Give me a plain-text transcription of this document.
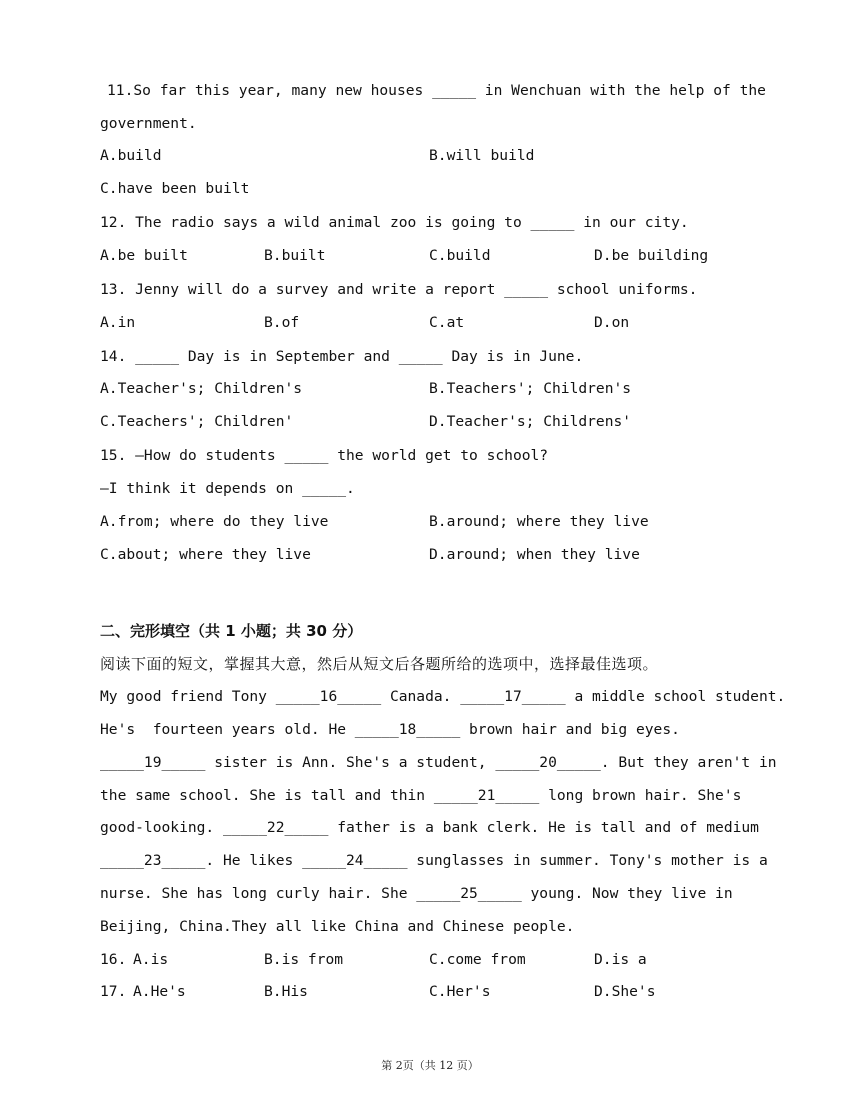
11.So far this year, many new houses _____ in Wenchuan with the help of the
government.
A.build	B.will build
C.have been built
12. The radio says a wild animal zoo is going to _____ in our city.
A.be built	B.built	C.build	D.be building
13. Jenny will do a survey and write a report _____ school uniforms.
A.in	B.of	C.at	D.on
14. _____ Day is in September and _____ Day is in June.
A.Teacher's; Children's	B.Teachers'; Children's
C.Teachers'; Children'	D.Teacher's; Childrens'
15. —How do students _____ the world get to school?
—I think it depends on _____.
A.from; where do they live	B.around; where they live
C.about; where they live	D.around; when they live
二、完形填空（共 1 小题；共 30 分）
阅读下面的短文，掌握其大意，然后从短文后各题所给的选项中，选择最佳选项。
My good friend Tony _____16_____ Canada. _____17_____ a middle school student.
He's  fourteen years old. He _____18_____ brown hair and big eyes.
_____19_____ sister is Ann. She's a student, _____20_____. But they aren't in
the same school. She is tall and thin _____21_____ long brown hair. She's
good-looking. _____22_____ father is a bank clerk. He is tall and of medium
_____23_____. He likes _____24_____ sunglasses in summer. Tony's mother is a
nurse. She has long curly hair. She _____25_____ young. Now they live in
Beijing, China.They all like China and Chinese people.
16. A.is	B.is from	C.come from	D.is a
17. A.He's	B.His	C.Her's	D.She's
第 2页（共 12 页）
